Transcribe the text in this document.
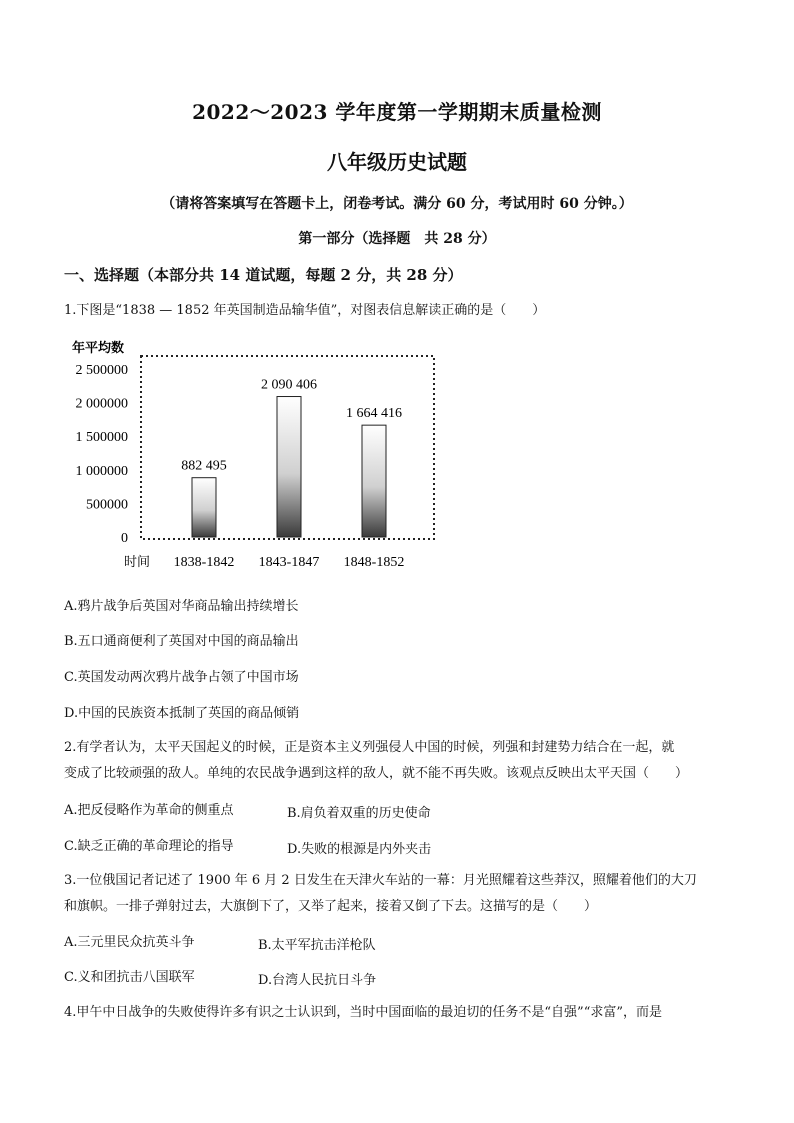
2022～2023 学年度第一学期期末质量检测
八年级历史试题
（请将答案填写在答题卡上，闭卷考试。满分 60 分，考试用时 60 分钟。）
第一部分（选择题　共 28 分）
一、选择题（本部分共 14 道试题，每题 2 分，共 28 分）
1.下图是“1838 — 1852 年英国制造品输华值”，对图表信息解读正确的是（　　）
年平均数
0
500000
1 000000
1 500000
2 000000
2 500000
882 495
1838-1842
2 090 406
1843-1847
1 664 416
1848-1852
时间
A.鸦片战争后英国对华商品输出持续增长
B.五口通商便利了英国对中国的商品输出
C.英国发动两次鸦片战争占领了中国市场
D.中国的民族资本抵制了英国的商品倾销
2.有学者认为，太平天国起义的时候，正是资本主义列强侵人中国的时候，列强和封建势力结合在一起，就
变成了比较顽强的敌人。单纯的农民战争遇到这样的敌人，就不能不再失败。该观点反映出太平天国（　　）
A.把反侵略作为革命的侧重点	B.肩负着双重的历史使命
C.缺乏正确的革命理论的指导	D.失败的根源是内外夹击
3.一位俄国记者记述了 1900 年 6 月 2 日发生在天津火车站的一幕：月光照耀着这些莽汉，照耀着他们的大刀
和旗帜。一排子弹射过去，大旗倒下了，又举了起来，接着又倒了下去。这描写的是（　　）
A.三元里民众抗英斗争	B.太平军抗击洋枪队
C.义和团抗击八国联军	D.台湾人民抗日斗争
4.甲午中日战争的失败使得许多有识之士认识到，当时中国面临的最迫切的任务不是“自强”“求富”，而是
